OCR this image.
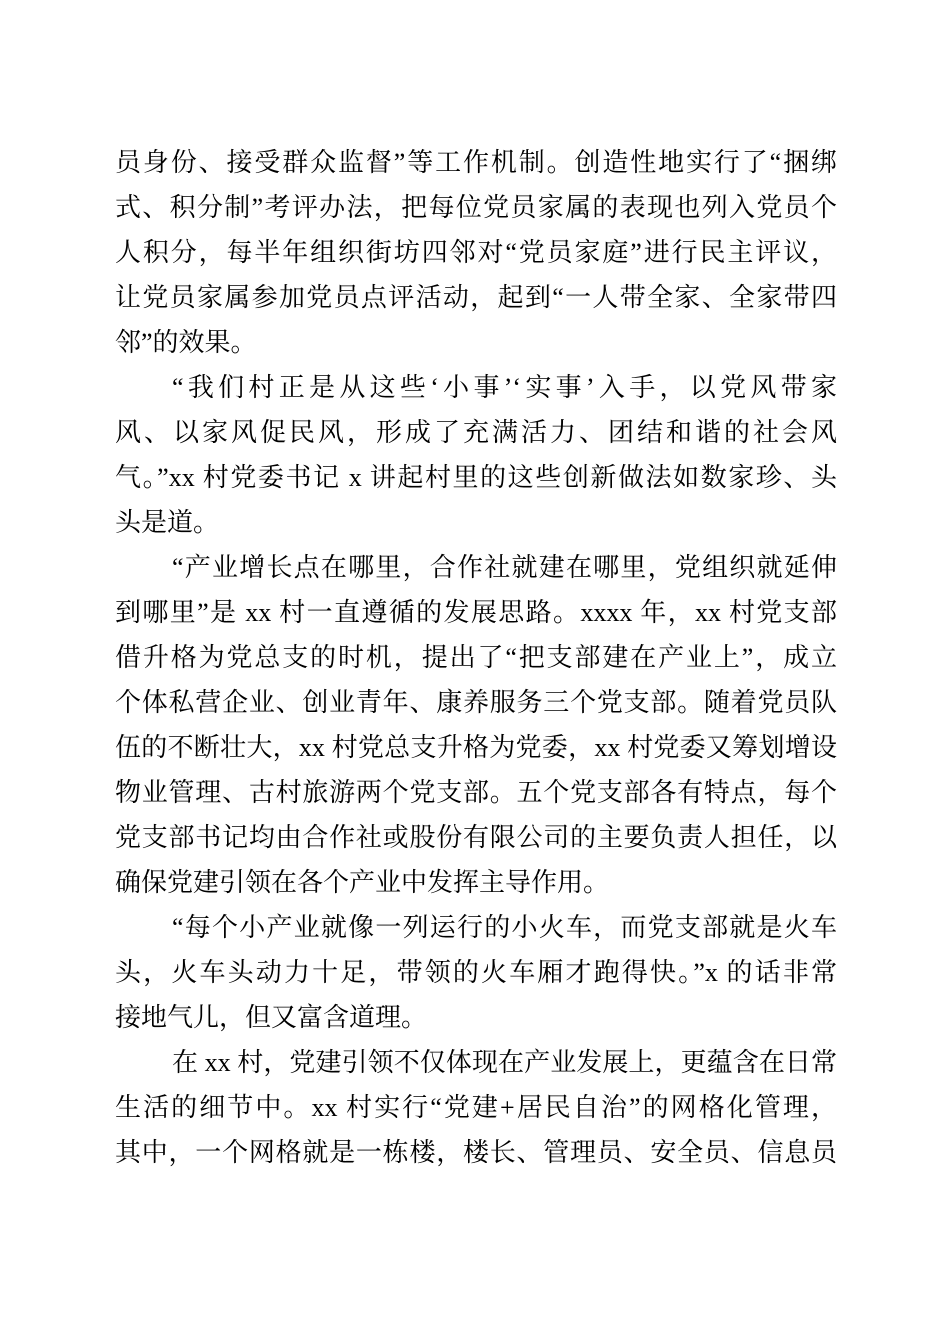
员身份、接受群众监督”等工作机制。创造性地实行了“捆绑
式、积分制”考评办法，把每位党员家属的表现也列入党员个
人积分，每半年组织街坊四邻对“党员家庭”进行民主评议，
让党员家属参加党员点评活动，起到“一人带全家、全家带四
邻”的效果。
“我们村正是从这些‘小事’‘实事’入手，以党风带家
风、以家风促民风，形成了充满活力、团结和谐的社会风
气。”xx 村党委书记 x 讲起村里的这些创新做法如数家珍、头
头是道。
“产业增长点在哪里，合作社就建在哪里，党组织就延伸
到哪里”是 xx 村一直遵循的发展思路。xxxx 年，xx 村党支部
借升格为党总支的时机，提出了“把支部建在产业上”，成立
个体私营企业、创业青年、康养服务三个党支部。随着党员队
伍的不断壮大，xx 村党总支升格为党委，xx 村党委又筹划增设
物业管理、古村旅游两个党支部。五个党支部各有特点，每个
党支部书记均由合作社或股份有限公司的主要负责人担任，以
确保党建引领在各个产业中发挥主导作用。
“每个小产业就像一列运行的小火车，而党支部就是火车
头，火车头动力十足，带领的火车厢才跑得快。”x 的话非常
接地气儿，但又富含道理。
在 xx 村，党建引领不仅体现在产业发展上，更蕴含在日常
生活的细节中。xx 村实行“党建+居民自治”的网格化管理，
其中，一个网格就是一栋楼，楼长、管理员、安全员、信息员
